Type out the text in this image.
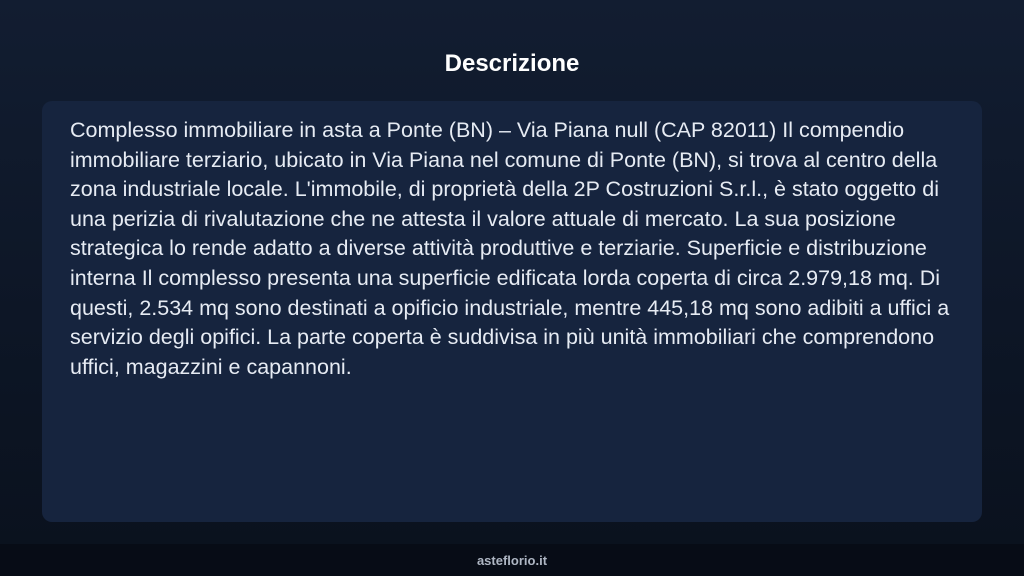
Descrizione

Complesso immobiliare in asta a Ponte (BN) – Via Piana null (CAP 82011) Il compendio immobiliare terziario, ubicato in Via Piana nel comune di Ponte (BN), si trova al centro della zona industriale locale. L'immobile, di proprietà della 2P Costruzioni S.r.l., è stato oggetto di una perizia di rivalutazione che ne attesta il valore attuale di mercato. La sua posizione strategica lo rende adatto a diverse attività produttive e terziarie. Superficie e distribuzione interna Il complesso presenta una superficie edificata lorda coperta di circa 2.979,18 mq. Di questi, 2.534 mq sono destinati a opificio industriale, mentre 445,18 mq sono adibiti a uffici a servizio degli opifici. La parte coperta è suddivisa in più unità immobiliari che comprendono uffici, magazzini e capannoni.

asteflorio.it
